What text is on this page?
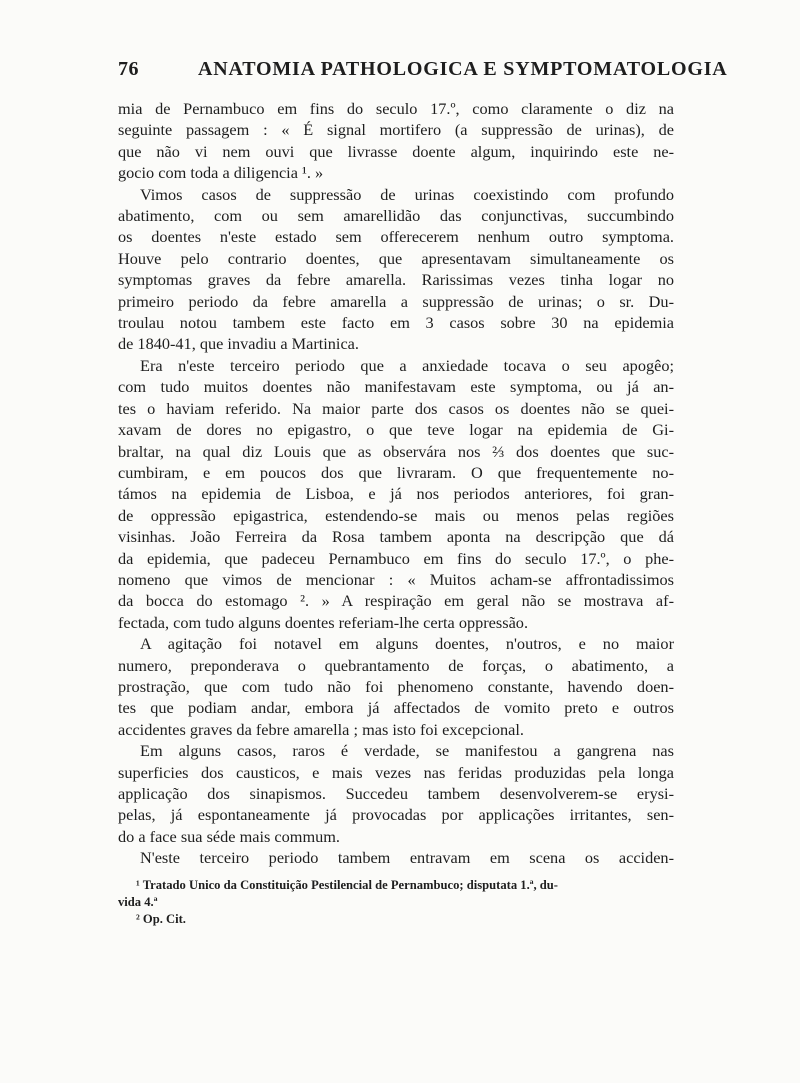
76	ANATOMIA PATHOLOGICA E SYMPTOMATOLOGIA

mia de Pernambuco em fins do seculo 17.º, como claramente o diz na
seguinte passagem : « É signal mortifero (a suppressão de urinas), de
que não vi nem ouvi que livrasse doente algum, inquirindo este ne-
gocio com toda a diligencia ¹. »

Vimos casos de suppressão de urinas coexistindo com profundo
abatimento, com ou sem amarellidão das conjunctivas, succumbindo
os doentes n'este estado sem offerecerem nenhum outro symptoma.
Houve pelo contrario doentes, que apresentavam simultaneamente os
symptomas graves da febre amarella. Rarissimas vezes tinha logar no
primeiro periodo da febre amarella a suppressão de urinas; o sr. Du-
troulau notou tambem este facto em 3 casos sobre 30 na epidemia
de 1840-41, que invadiu a Martinica.

Era n'este terceiro periodo que a anxiedade tocava o seu apogêo;
com tudo muitos doentes não manifestavam este symptoma, ou já an-
tes o haviam referido. Na maior parte dos casos os doentes não se quei-
xavam de dores no epigastro, o que teve logar na epidemia de Gi-
braltar, na qual diz Louis que as observára nos ⅔ dos doentes que suc-
cumbiram, e em poucos dos que livraram. O que frequentemente no-
támos na epidemia de Lisboa, e já nos periodos anteriores, foi gran-
de oppressão epigastrica, estendendo-se mais ou menos pelas regiões
visinhas. João Ferreira da Rosa tambem aponta na descripção que dá
da epidemia, que padeceu Pernambuco em fins do seculo 17.º, o phe-
nomeno que vimos de mencionar : « Muitos acham-se affrontadissimos
da bocca do estomago ². » A respiração em geral não se mostrava af-
fectada, com tudo alguns doentes referiam-lhe certa oppressão.

A agitação foi notavel em alguns doentes, n'outros, e no maior
numero, preponderava o quebrantamento de forças, o abatimento, a
prostração, que com tudo não foi phenomeno constante, havendo doen-
tes que podiam andar, embora já affectados de vomito preto e outros
accidentes graves da febre amarella ; mas isto foi excepcional.

Em alguns casos, raros é verdade, se manifestou a gangrena nas
superficies dos causticos, e mais vezes nas feridas produzidas pela longa
applicação dos sinapismos. Succedeu tambem desenvolverem-se erysi-
pelas, já espontaneamente já provocadas por applicações irritantes, sen-
do a face sua séde mais commum.

N'este terceiro periodo tambem entravam em scena os acciden-

¹ Tratado Unico da Constituição Pestilencial de Pernambuco; disputata 1.ª, du-
vida 4.ª
² Op. Cit.
